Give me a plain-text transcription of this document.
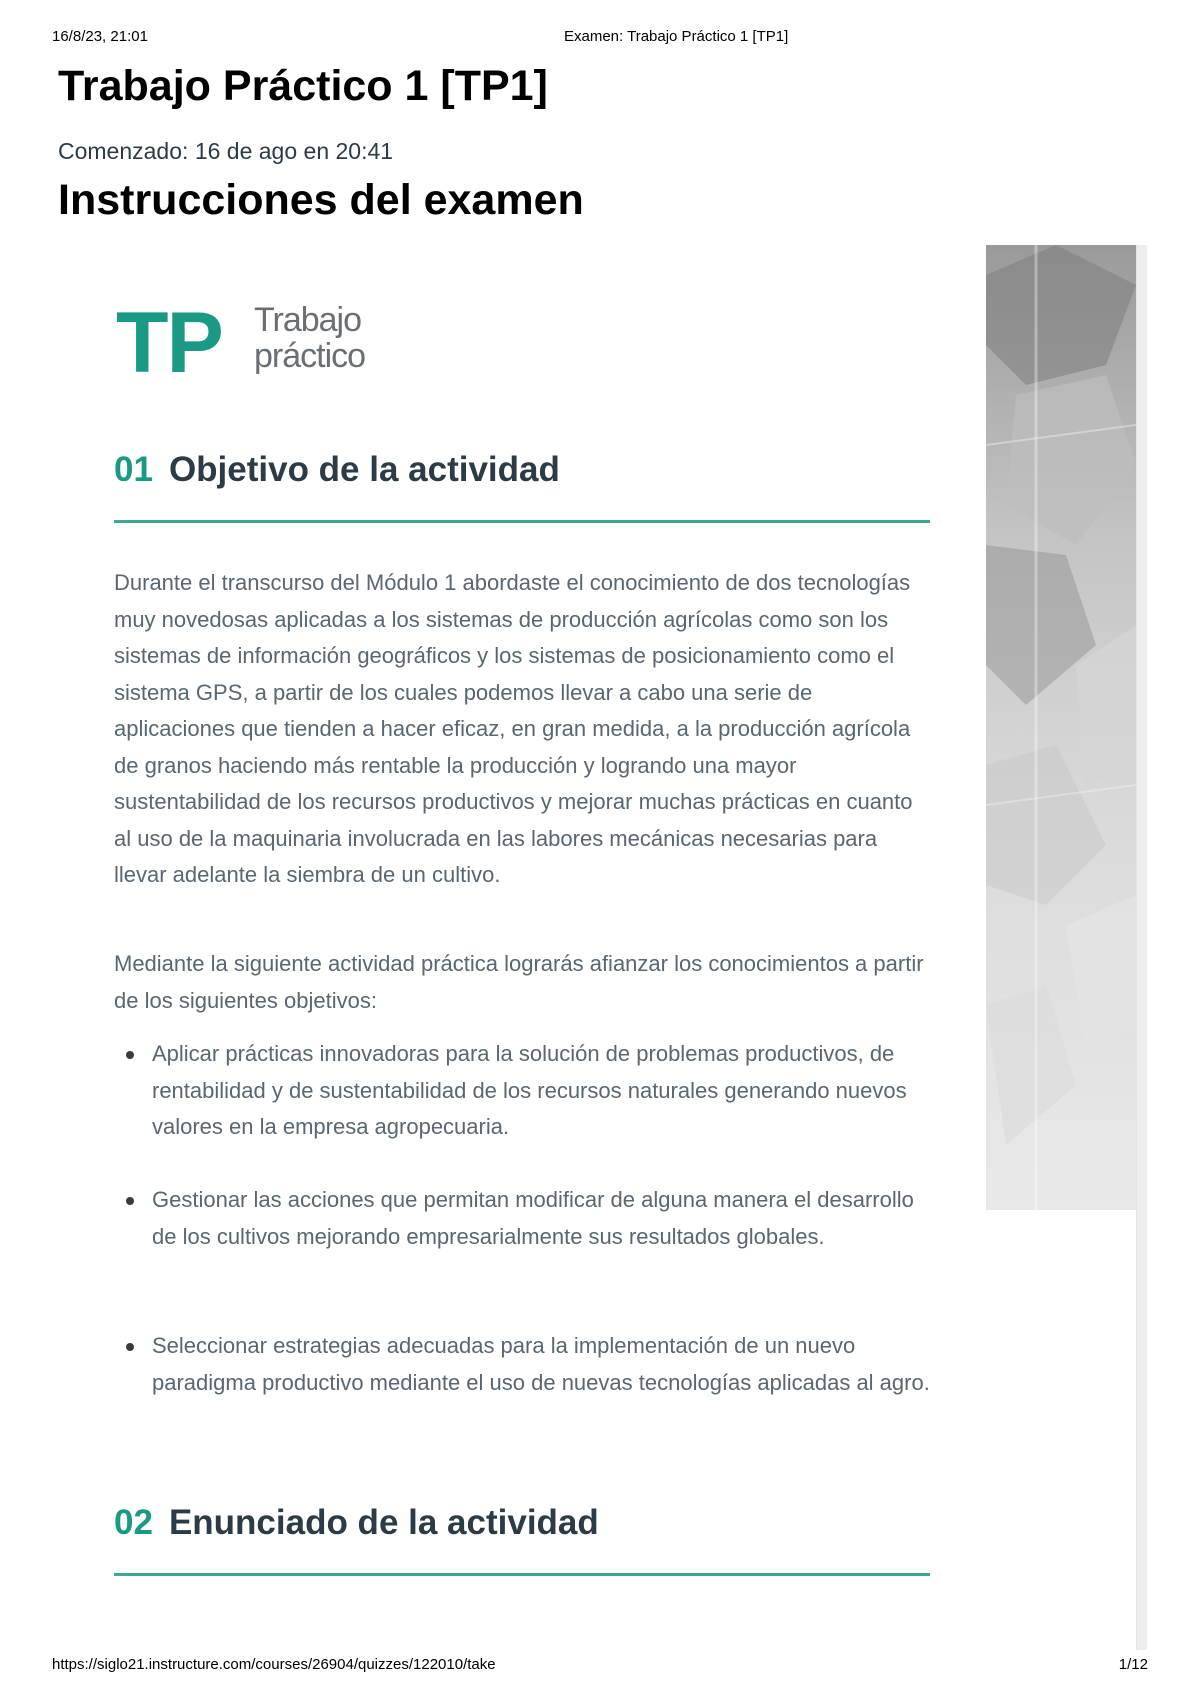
16/8/23, 21:01	Examen: Trabajo Práctico 1 [TP1]
Trabajo Práctico 1 [TP1]
Comenzado: 16 de ago en 20:41
Instrucciones del examen
TP Trabajo
práctico
01 Objetivo de la actividad

Durante el transcurso del Módulo 1 abordaste el conocimiento de dos tecnologías muy novedosas aplicadas a los sistemas de producción agrícolas como son los sistemas de información geográficos y los sistemas de posicionamiento como el sistema GPS, a partir de los cuales podemos llevar a cabo una serie de aplicaciones que tienden a hacer eficaz, en gran medida, a la producción agrícola de granos haciendo más rentable la producción y logrando una mayor sustentabilidad de los recursos productivos y mejorar muchas prácticas en cuanto al uso de la maquinaria involucrada en las labores mecánicas necesarias para llevar adelante la siembra de un cultivo.

Mediante la siguiente actividad práctica lograrás afianzar los conocimientos a partir de los siguientes objetivos:

Aplicar prácticas innovadoras para la solución de problemas productivos, de rentabilidad y de sustentabilidad de los recursos naturales generando nuevos valores en la empresa agropecuaria.
Gestionar las acciones que permitan modificar de alguna manera el desarrollo de los cultivos mejorando empresarialmente sus resultados globales.
Seleccionar estrategias adecuadas para la implementación de un nuevo paradigma productivo mediante el uso de nuevas tecnologías aplicadas al agro.
02 Enunciado de la actividad
https://siglo21.instructure.com/courses/26904/quizzes/122010/take	1/12
